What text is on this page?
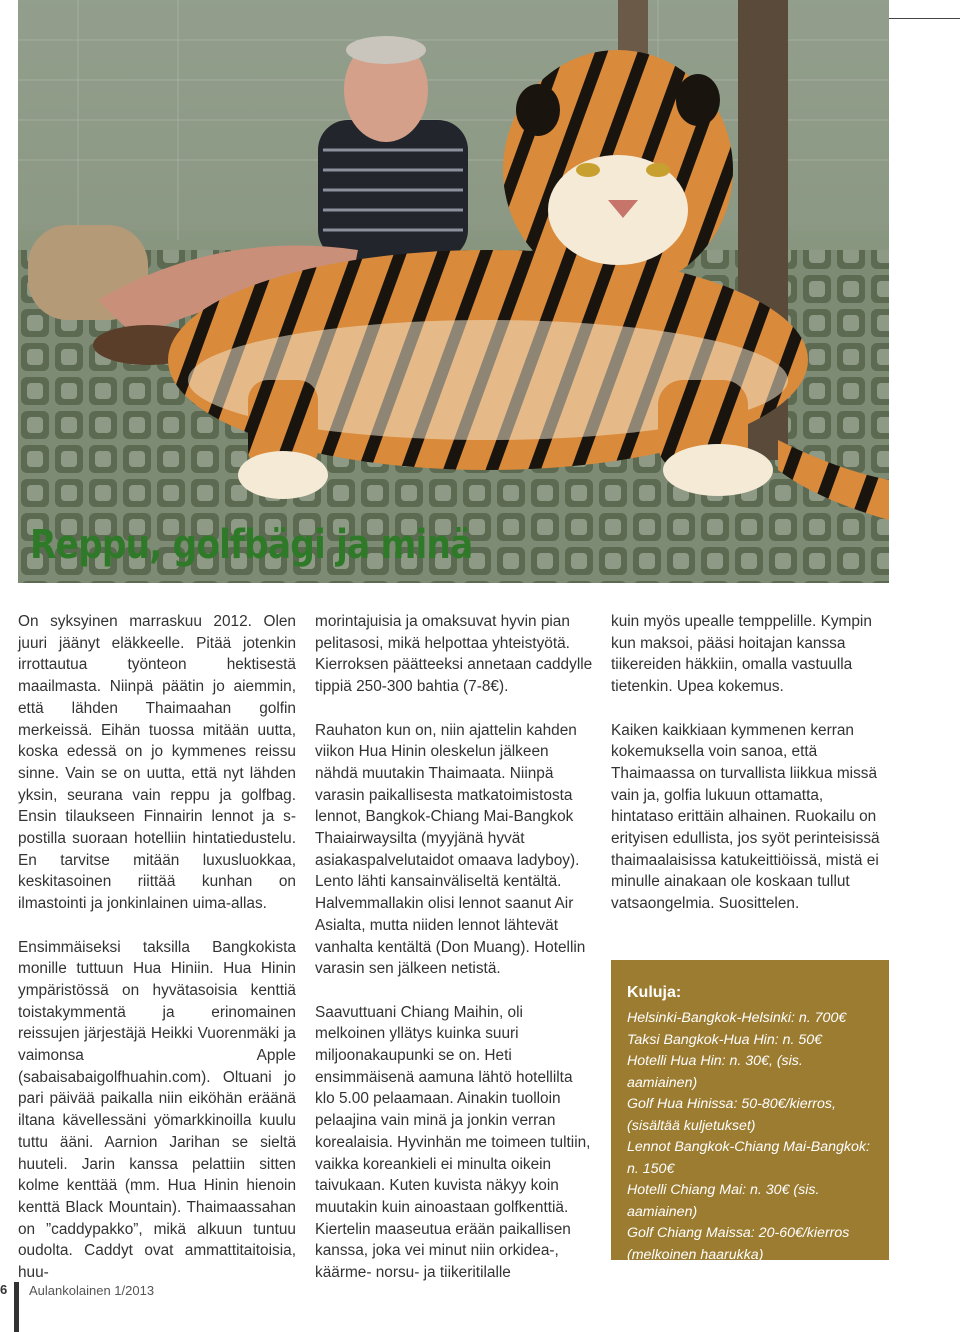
Reppu, golfbägi ja minä

On syksyinen marraskuu 2012. Olen juuri jäänyt eläkkeelle. Pitää jotenkin irrottautua työnteon hektisestä maailmasta. Niinpä päätin jo aiemmin, että lähden Thaimaahan golfin merkeissä. Eihän tuossa mitään uutta, koska edessä on jo kymmenes reissu sinne. Vain se on uutta, että nyt lähden yksin, seurana vain reppu ja golfbag. Ensin tilaukseen Finnairin lennot ja s-postilla suoraan hotelliin hintatiedustelu. En tarvitse mitään luxusluokkaa, keskitasoinen riittää kunhan on ilmastointi ja jonkinlainen uima-allas.

Ensimmäiseksi taksilla Bangkokista monille tuttuun Hua Hiniin. Hua Hinin ympäristössä on hyvätasoisia kenttiä toistakymmentä ja erinomainen reissujen järjestäjä Heikki Vuorenmäki ja vaimonsa Apple (sabaisabaigolfhuahin.com). Oltuani jo pari päivää paikalla niin eiköhän eräänä iltana kävellessäni yömarkkinoilla kuulu tuttu ääni. Aarnion Jarihan se sieltä huuteli. Jarin kanssa pelattiin sitten kolme kenttää (mm. Hua Hinin hienoin kenttä Black Mountain). Thaimaassahan on ”caddypakko”, mikä alkuun tuntuu oudolta. Caddyt ovat ammattitaitoisia, huu-

morintajuisia ja omaksuvat hyvin pian pelitasosi, mikä helpottaa yhteistyötä. Kierroksen päätteeksi annetaan caddylle tippiä 250-300 bahtia (7-8€).

Rauhaton kun on, niin ajattelin kahden viikon Hua Hinin oleskelun jälkeen nähdä muutakin Thaimaata. Niinpä varasin paikallisesta matkatoimistosta lennot, Bangkok-Chiang Mai-Bangkok Thaiairwaysilta (myyjänä hyvät asiakaspalvelutaidot omaava ladyboy). Lento lähti kansainväliseltä kentältä. Halvemmallakin olisi lennot saanut Air Asialta, mutta niiden lennot lähtevät vanhalta kentältä (Don Muang). Hotellin varasin sen jälkeen netistä.

Saavuttuani Chiang Maihin, oli melkoinen yllätys kuinka suuri miljoonakaupunki se on. Heti ensimmäisenä aamuna lähtö hotellilta klo 5.00 pelaamaan. Ainakin tuolloin pelaajina vain minä ja jonkin verran korealaisia. Hyvinhän me toimeen tultiin, vaikka koreankieli ei minulta oikein taivukaan. Kuten kuvista näkyy koin muutakin kuin ainoastaan golfkenttiä. Kiertelin maaseutua erään paikallisen kanssa, joka vei minut niin orkidea-, käärme- norsu- ja tiikeritilalle

kuin myös upealle temppelille. Kympin kun maksoi, pääsi hoitajan kanssa tiikereiden häkkiin, omalla vastuulla tietenkin. Upea kokemus.

Kaiken kaikkiaan kymmenen kerran kokemuksella voin sanoa, että Thaimaassa on turvallista liikkua missä vain ja, golfia lukuun ottamatta, hintataso erittäin alhainen. Ruokailu on erityisen edullista, jos syöt perinteisissä thaimaalaisissa katukeittiöissä, mistä ei minulle ainakaan ole koskaan tullut vatsaongelmia. Suosittelen.

Kuluja:
Helsinki-Bangkok-Helsinki: n. 700€
Taksi Bangkok-Hua Hin: n. 50€
Hotelli Hua Hin: n. 30€, (sis. aamiainen)
Golf Hua Hinissa: 50-80€/kierros, (sisältää kuljetukset)
Lennot Bangkok-Chiang Mai-Bangkok: n. 150€
Hotelli Chiang Mai: n. 30€ (sis. aamiainen)
Golf Chiang Maissa: 20-60€/kierros (melkoinen haarukka)
6 Aulankolainen 1/2013
